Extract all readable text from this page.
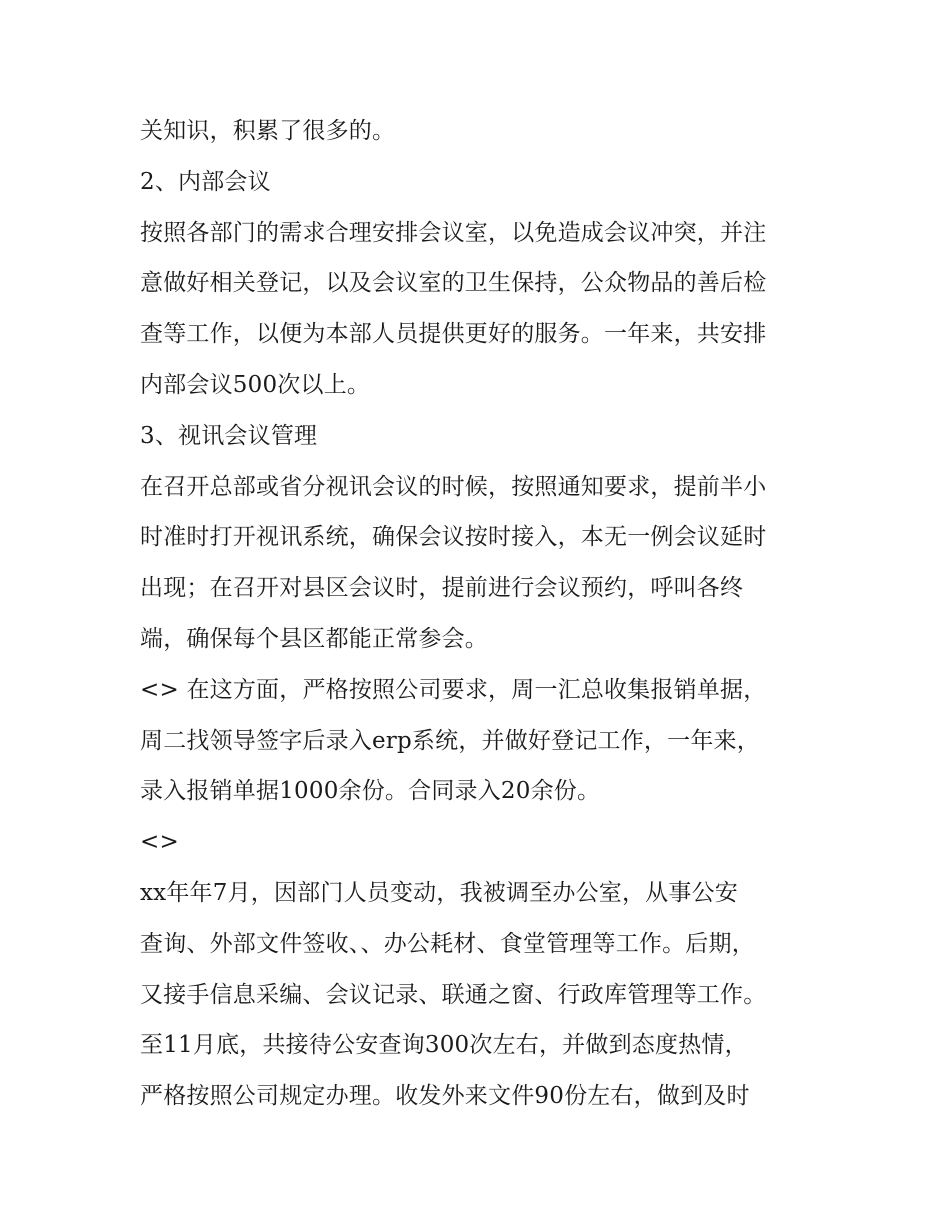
关知识，积累了很多的。
2、内部会议
按照各部门的需求合理安排会议室，以免造成会议冲突，并注
意做好相关登记，以及会议室的卫生保持，公众物品的善后检
查等工作，以便为本部人员提供更好的服务。一年来，共安排
内部会议500次以上。
3、视讯会议管理
在召开总部或省分视讯会议的时候，按照通知要求，提前半小
时准时打开视讯系统，确保会议按时接入，本无一例会议延时
出现；在召开对县区会议时，提前进行会议预约，呼叫各终
端，确保每个县区都能正常参会。
<> 在这方面，严格按照公司要求，周一汇总收集报销单据，
周二找领导签字后录入erp系统，并做好登记工作，一年来，
录入报销单据1000余份。合同录入20余份。
<>
xx年年7月，因部门人员变动，我被调至办公室，从事公安
查询、外部文件签收、、办公耗材、食堂管理等工作。后期，
又接手信息采编、会议记录、联通之窗、行政库管理等工作。
至11月底，共接待公安查询300次左右，并做到态度热情，
严格按照公司规定办理。收发外来文件90份左右，做到及时
